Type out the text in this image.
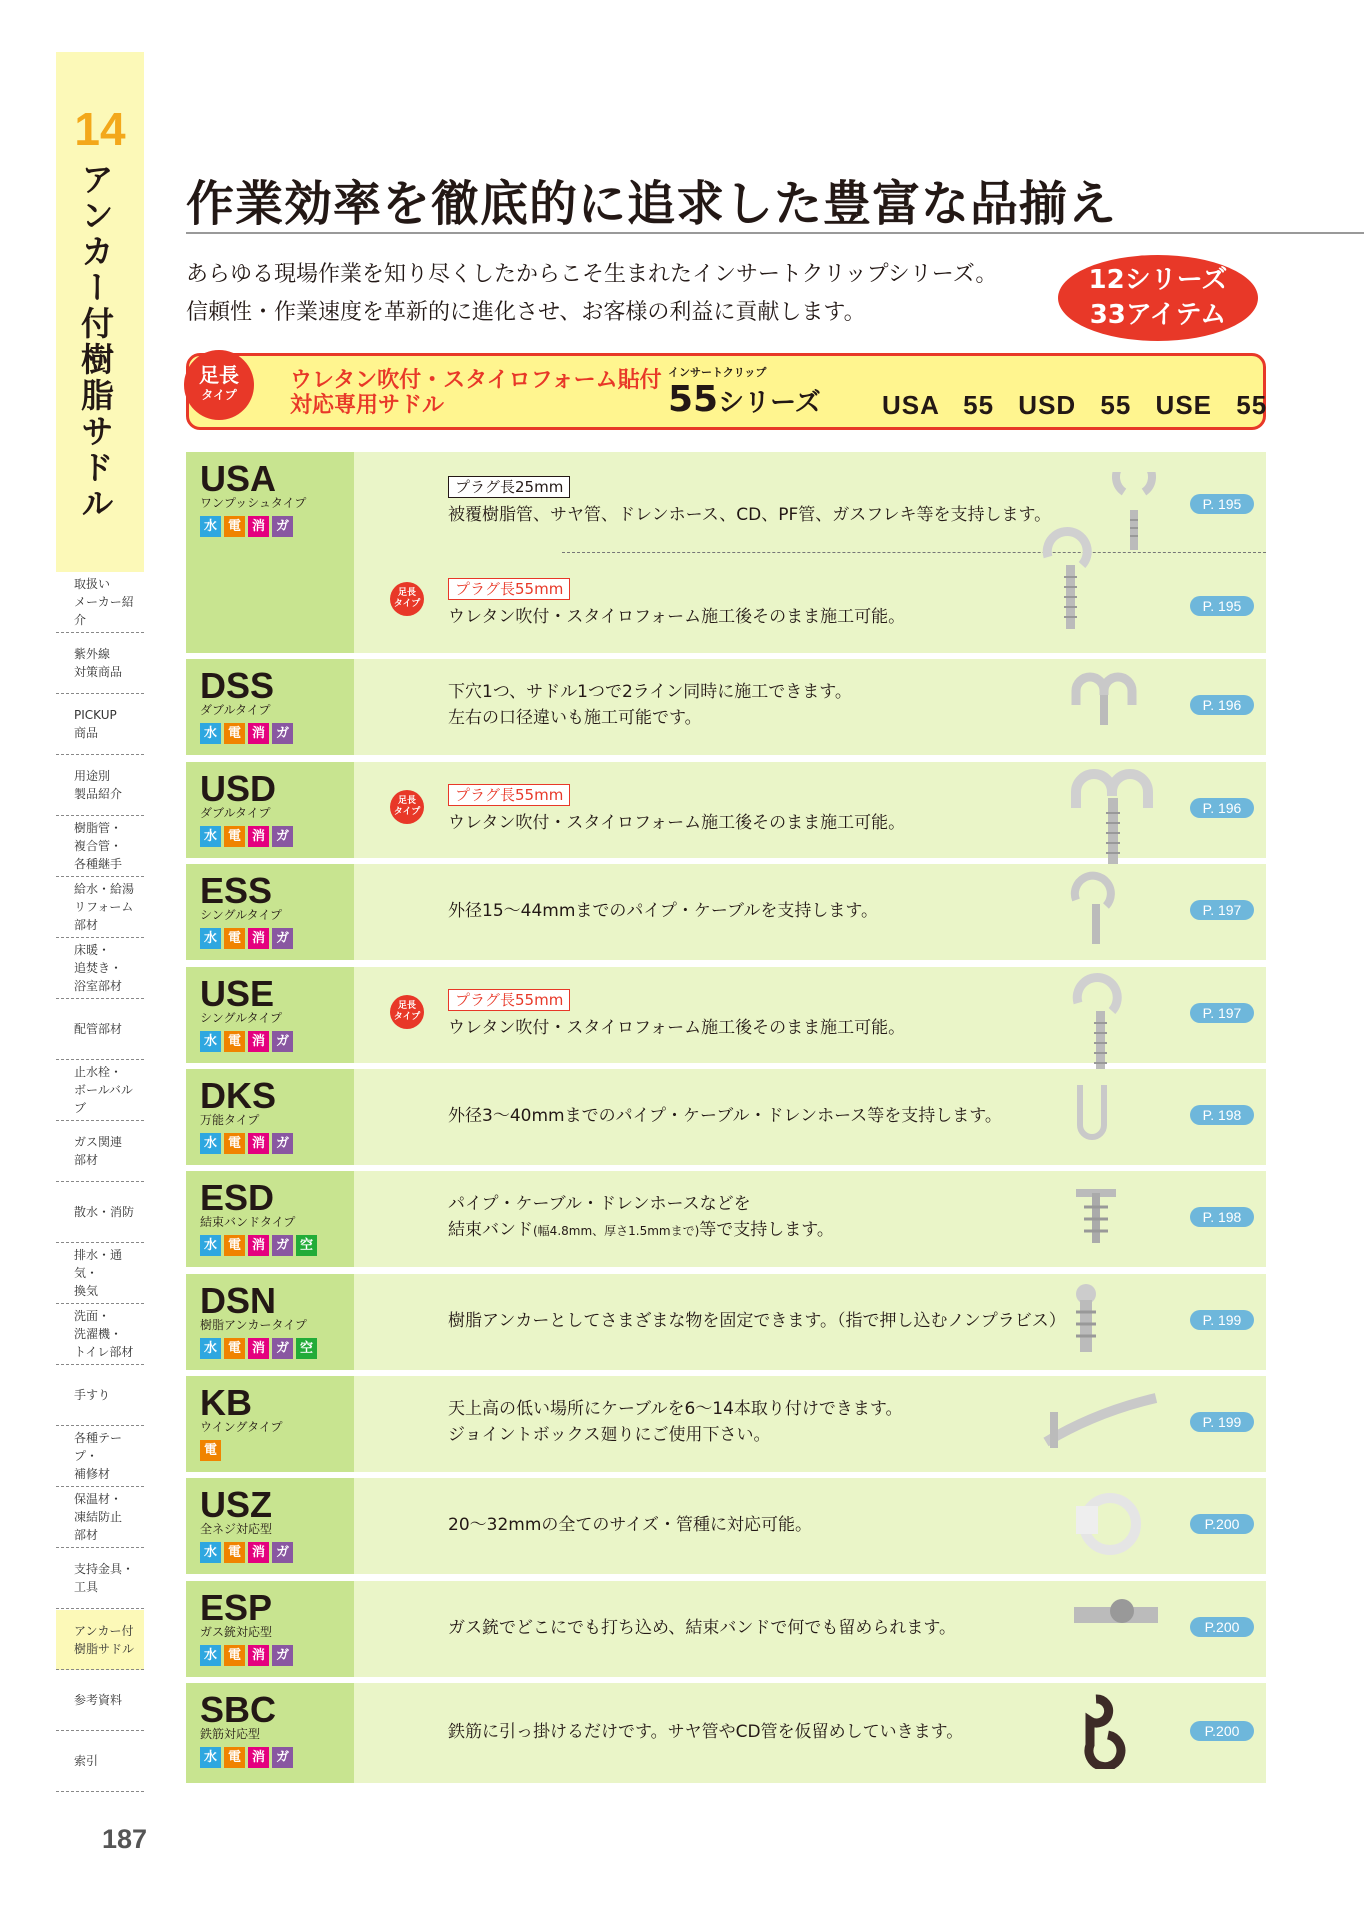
14
アンカー付樹脂サドル
取扱い
メーカー紹介
紫外線
対策商品
PICKUP
商品
用途別
製品紹介
樹脂管・
複合管・
各種継手
給水・給湯
リフォーム
部材
床暖・
追焚き・
浴室部材
配管部材
止水栓・
ボールバルブ
ガス関連
部材
散水・消防
排水・通気・
換気
洗面・
洗濯機・
トイレ部材
手すり
各種テープ・
補修材
保温材・
凍結防止
部材
支持金具・
工具
アンカー付
樹脂サドル
参考資料
索引
187
作業効率を徹底的に追求した豊富な品揃え
あらゆる現場作業を知り尽くしたからこそ生まれたインサートクリップシリーズ。
信頼性・作業速度を革新的に進化させ、お客様の利益に貢献します。
12シリーズ
33アイテム
足長
タイプ
ウレタン吹付・スタイロフォーム貼付
対応専用サドル
インサートクリップ
55シリーズ USA 55 USD 55 USE 55
USA
ワンプッシュタイプ
水 電 消 ガ
プラグ長25mm
被覆樹脂管、サヤ管、ドレンホース、CD、PF管、ガスフレキ等を支持します。
P. 195
足長
タイプ
プラグ長55mm
ウレタン吹付・スタイロフォーム施工後そのまま施工可能。
P. 195
DSS
ダブルタイプ
水 電 消 ガ
下穴1つ、サドル1つで2ライン同時に施工できます。
左右の口径違いも施工可能です。
P. 196
USD
ダブルタイプ
水 電 消 ガ
足長
タイプ
プラグ長55mm
ウレタン吹付・スタイロフォーム施工後そのまま施工可能。
P. 196
ESS
シングルタイプ
水 電 消 ガ
外径15～44mmまでのパイプ・ケーブルを支持します。	P. 197
USE
シングルタイプ
水 電 消 ガ
足長
タイプ
プラグ長55mm
ウレタン吹付・スタイロフォーム施工後そのまま施工可能。
P. 197
DKS
万能タイプ
水 電 消 ガ
外径3～40mmまでのパイプ・ケーブル・ドレンホース等を支持します。	P. 198
ESD
結束バンドタイプ
水 電 消 ガ 空
パイプ・ケーブル・ドレンホースなどを
結束バンド(幅4.8mm、厚さ1.5mmまで)等で支持します。
P. 198
DSN
樹脂アンカータイプ
水 電 消 ガ 空
樹脂アンカーとしてさまざまな物を固定できます。（指で押し込むノンプラビス）	P. 199
KB
ウイングタイプ
電
天上高の低い場所にケーブルを6～14本取り付けできます。
ジョイントボックス廻りにご使用下さい。
P. 199
USZ
全ネジ対応型
水 電 消 ガ
20～32mmの全てのサイズ・管種に対応可能。	P.200
ESP
ガス銃対応型
水 電 消 ガ
ガス銃でどこにでも打ち込め、結束バンドで何でも留められます。	P.200
SBC
鉄筋対応型
水 電 消 ガ
鉄筋に引っ掛けるだけです。サヤ管やCD管を仮留めしていきます。	P.200
